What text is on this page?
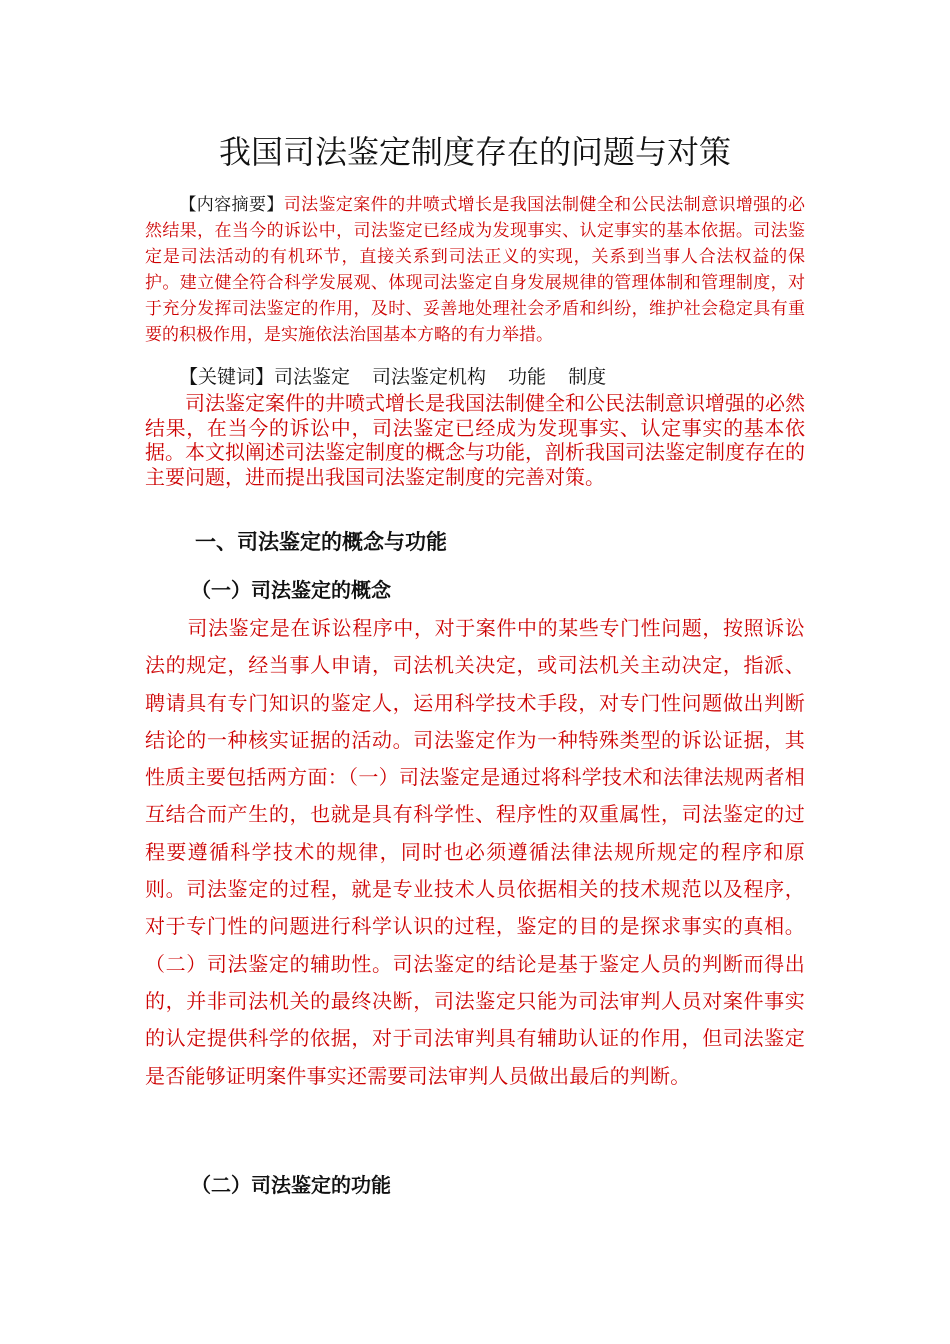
我国司法鉴定制度存在的问题与对策
【内容摘要】司法鉴定案件的井喷式增长是我国法制健全和公民法制意识增强的必然结果，在当今的诉讼中，司法鉴定已经成为发现事实、认定事实的基本依据。司法鉴定是司法活动的有机环节，直接关系到司法正义的实现，关系到当事人合法权益的保护。建立健全符合科学发展观、体现司法鉴定自身发展规律的管理体制和管理制度，对于充分发挥司法鉴定的作用，及时、妥善地处理社会矛盾和纠纷，维护社会稳定具有重要的积极作用，是实施依法治国基本方略的有力举措。
【关键词】司法鉴定 司法鉴定机构 功能 制度
司法鉴定案件的井喷式增长是我国法制健全和公民法制意识增强的必然结果，在当今的诉讼中，司法鉴定已经成为发现事实、认定事实的基本依据。本文拟阐述司法鉴定制度的概念与功能，剖析我国司法鉴定制度存在的主要问题，进而提出我国司法鉴定制度的完善对策。
一、司法鉴定的概念与功能
（一）司法鉴定的概念
司法鉴定是在诉讼程序中，对于案件中的某些专门性问题，按照诉讼法的规定，经当事人申请，司法机关决定，或司法机关主动决定，指派、聘请具有专门知识的鉴定人，运用科学技术手段，对专门性问题做出判断结论的一种核实证据的活动。司法鉴定作为一种特殊类型的诉讼证据，其性质主要包括两方面：（一）司法鉴定是通过将科学技术和法律法规两者相互结合而产生的，也就是具有科学性、程序性的双重属性，司法鉴定的过程要遵循科学技术的规律，同时也必须遵循法律法规所规定的程序和原则。司法鉴定的过程，就是专业技术人员依据相关的技术规范以及程序，对于专门性的问题进行科学认识的过程，鉴定的目的是探求事实的真相。（二）司法鉴定的辅助性。司法鉴定的结论是基于鉴定人员的判断而得出的，并非司法机关的最终决断，司法鉴定只能为司法审判人员对案件事实的认定提供科学的依据，对于司法审判具有辅助认证的作用，但司法鉴定是否能够证明案件事实还需要司法审判人员做出最后的判断。
（二）司法鉴定的功能
